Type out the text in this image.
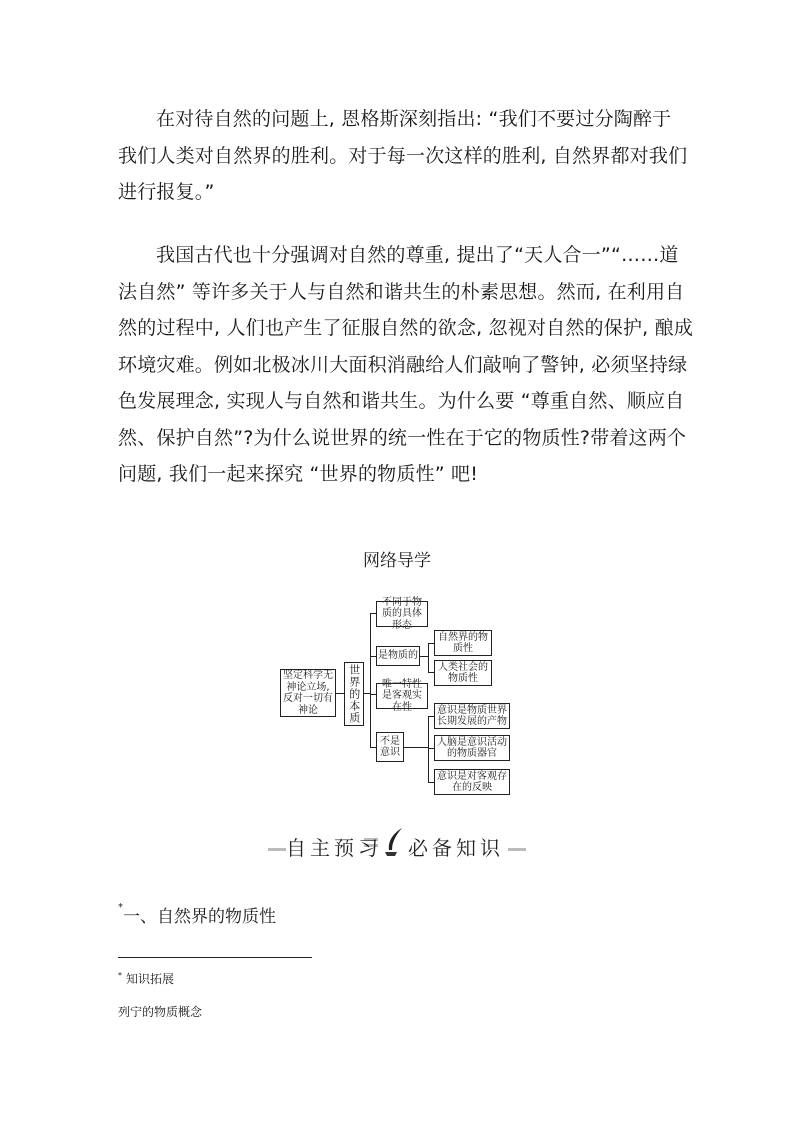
在对待自然的问题上, 恩格斯深刻指出: “我们不要过分陶醉于
我们人类对自然界的胜利。对于每一次这样的胜利, 自然界都对我们
进行报复。”
我国古代也十分强调对自然的尊重, 提出了“天人合一”“……道
法自然” 等许多关于人与自然和谐共生的朴素思想。然而, 在利用自
然的过程中, 人们也产生了征服自然的欲念, 忽视对自然的保护, 酿成
环境灾难。例如北极冰川大面积消融给人们敲响了警钟, 必须坚持绿
色发展理念, 实现人与自然和谐共生。为什么要 “尊重自然、顺应自
然、保护自然”?为什么说世界的统一性在于它的物质性?带着这两个
问题, 我们一起来探究 “世界的物质性” 吧!
网络导学
坚定科学无神论立场, 反对一切有神论	世界的本质
不同于物质的具体形态
是物质的
唯一特性是客观实在性
不是意识
自然界的物质性
人类社会的物质性
意识是物质世界长期发展的产物
人脑是意识活动的物质器官
意识是对客观存在的反映
自主预习 必备知识
*一、自然界的物质性
* 知识拓展
列宁的物质概念
